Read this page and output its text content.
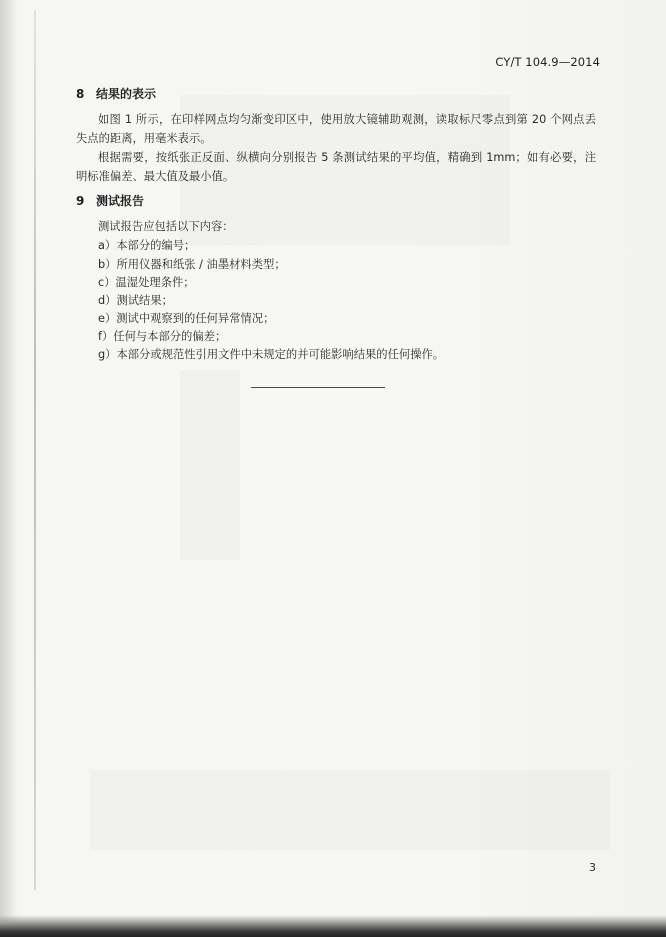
CY/T 104.9—2014
8 结果的表示
如图 1 所示，在印样网点均匀渐变印区中，使用放大镜辅助观测，读取标尺零点到第 20 个网点丢失点的距离，用毫米表示。
根据需要，按纸张正反面、纵横向分别报告 5 条测试结果的平均值，精确到 1mm；如有必要，注明标准偏差、最大值及最小值。
9 测试报告
测试报告应包括以下内容：
a）本部分的编号；
b）所用仪器和纸张 / 油墨材料类型；
c）温湿处理条件；
d）测试结果；
e）测试中观察到的任何异常情况；
f）任何与本部分的偏差；
g）本部分或规范性引用文件中未规定的并可能影响结果的任何操作。
3
